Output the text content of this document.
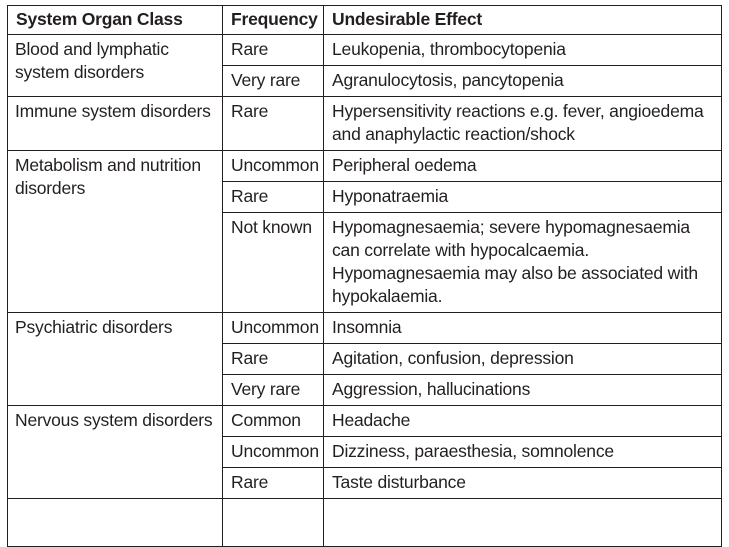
System Organ Class	Frequency	Undesirable Effect
Blood and lymphatic system disorders	Rare	Leukopenia, thrombocytopenia
	Very rare	Agranulocytosis, pancytopenia
Immune system disorders	Rare	Hypersensitivity reactions e.g. fever, angioedema and anaphylactic reaction/shock
Metabolism and nutrition disorders	Uncommon	Peripheral oedema
	Rare	Hyponatraemia
	Not known	Hypomagnesaemia; severe hypomagnesaemia can correlate with hypocalcaemia. Hypomagnesaemia may also be associated with hypokalaemia.
Psychiatric disorders	Uncommon	Insomnia
	Rare	Agitation, confusion, depression
	Very rare	Aggression, hallucinations
Nervous system disorders	Common	Headache
	Uncommon	Dizziness, paraesthesia, somnolence
	Rare	Taste disturbance
